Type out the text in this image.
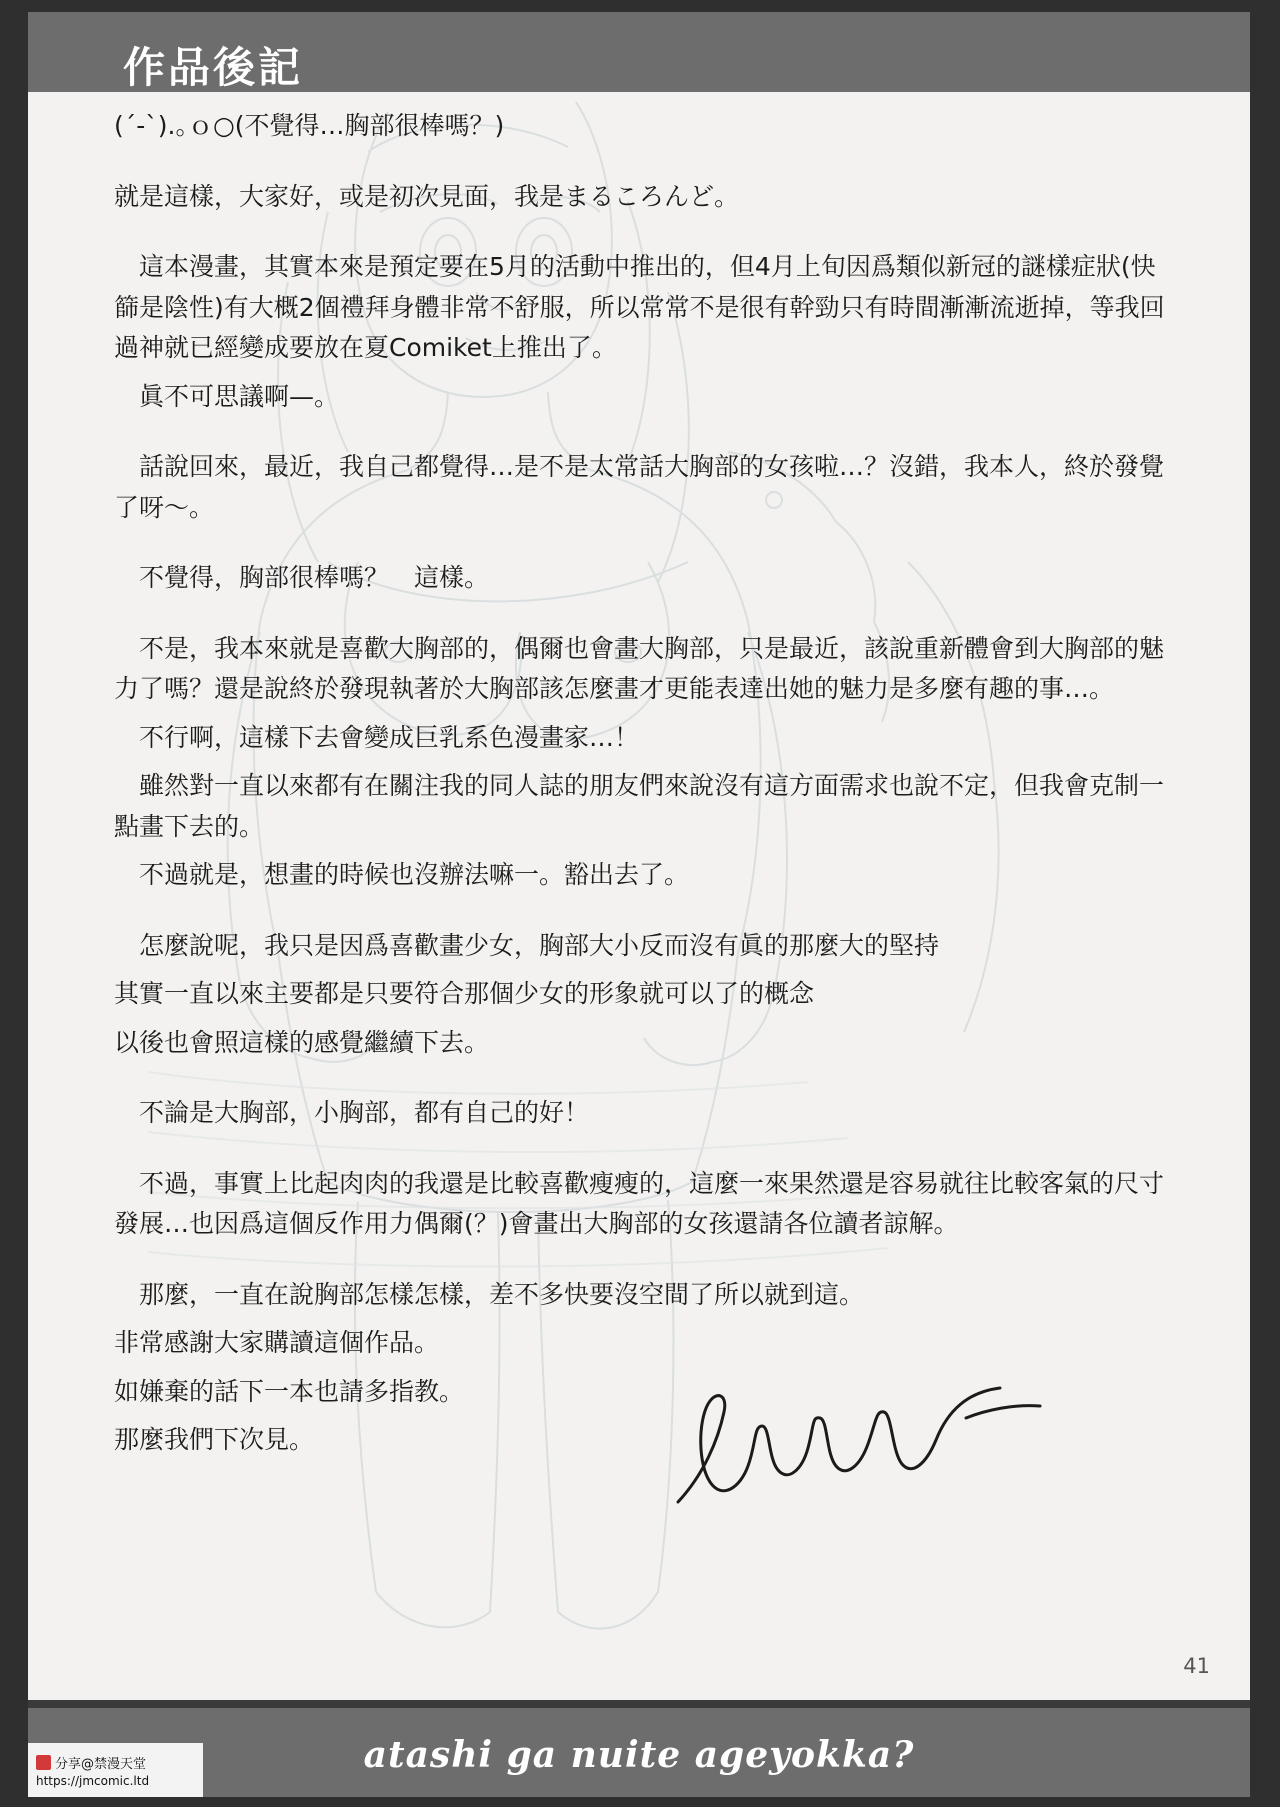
作品後記

(´-`).｡ｏ○(不覺得…胸部很棒嗎？)

就是這樣，大家好，或是初次見面，我是まるころんど。

　這本漫畫，其實本來是預定要在5月的活動中推出的，但4月上旬因爲類似新冠的謎樣症狀(快篩是陰性)有大概2個禮拜身體非常不舒服，所以常常不是很有幹勁只有時間漸漸流逝掉，等我回過神就已經變成要放在夏Comiket上推出了。

　眞不可思議啊—。

　話說回來，最近，我自己都覺得…是不是太常話大胸部的女孩啦…？沒錯，我本人，終於發覺了呀～。

　不覺得，胸部很棒嗎？　這樣。

　不是，我本來就是喜歡大胸部的，偶爾也會畫大胸部，只是最近，該說重新體會到大胸部的魅力了嗎？還是說終於發現執著於大胸部該怎麼畫才更能表達出她的魅力是多麼有趣的事…。

　不行啊，這樣下去會變成巨乳系色漫畫家…！

　雖然對一直以來都有在關注我的同人誌的朋友們來說沒有這方面需求也說不定，但我會克制一點畫下去的。

　不過就是，想畫的時候也沒辦法嘛一。豁出去了。

　怎麼說呢，我只是因爲喜歡畫少女，胸部大小反而沒有眞的那麼大的堅持

其實一直以來主要都是只要符合那個少女的形象就可以了的概念

以後也會照這樣的感覺繼續下去。

　不論是大胸部，小胸部，都有自己的好！

　不過，事實上比起肉肉的我還是比較喜歡瘦瘦的，這麼一來果然還是容易就往比較客氣的尺寸發展…也因爲這個反作用力偶爾(？)會畫出大胸部的女孩還請各位讀者諒解。

　那麼，一直在說胸部怎樣怎樣，差不多快要沒空間了所以就到這。

非常感謝大家購讀這個作品。

如嫌棄的話下一本也請多指教。

那麼我們下次見。

41
atashi ga nuite ageyokka?
分享@禁漫天堂
https://jmcomic.ltd
